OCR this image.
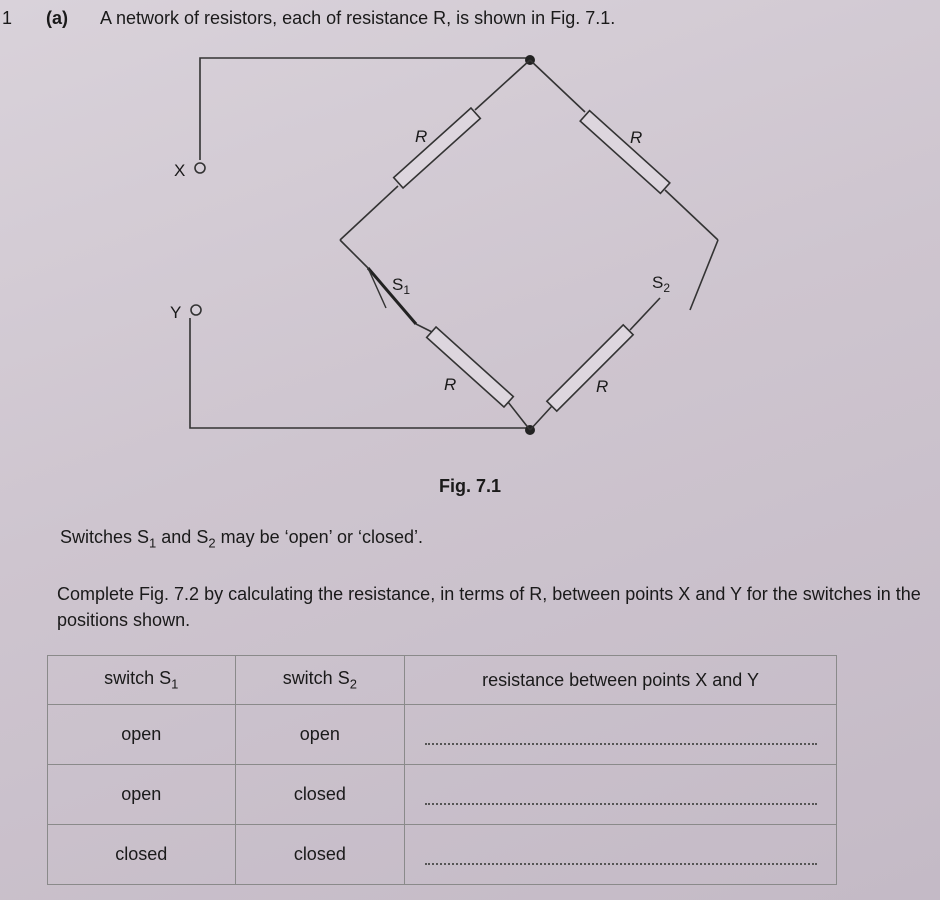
1 (a) A network of resistors, each of resistance R, is shown in Fig. 7.1.
X
Y
R
$S_1$
R
R
$S_2$
R
Fig. 7.1
Switches $S_1$ and $S_2$ may be ‘open’ or ‘closed’.
Complete Fig. 7.2 by calculating the resistance, in terms of R, between points X and Y for the switches in the positions shown.
switch $S_1$	switch $S_2$	resistance between points X and Y
open	open	
open	closed	
closed	closed	
